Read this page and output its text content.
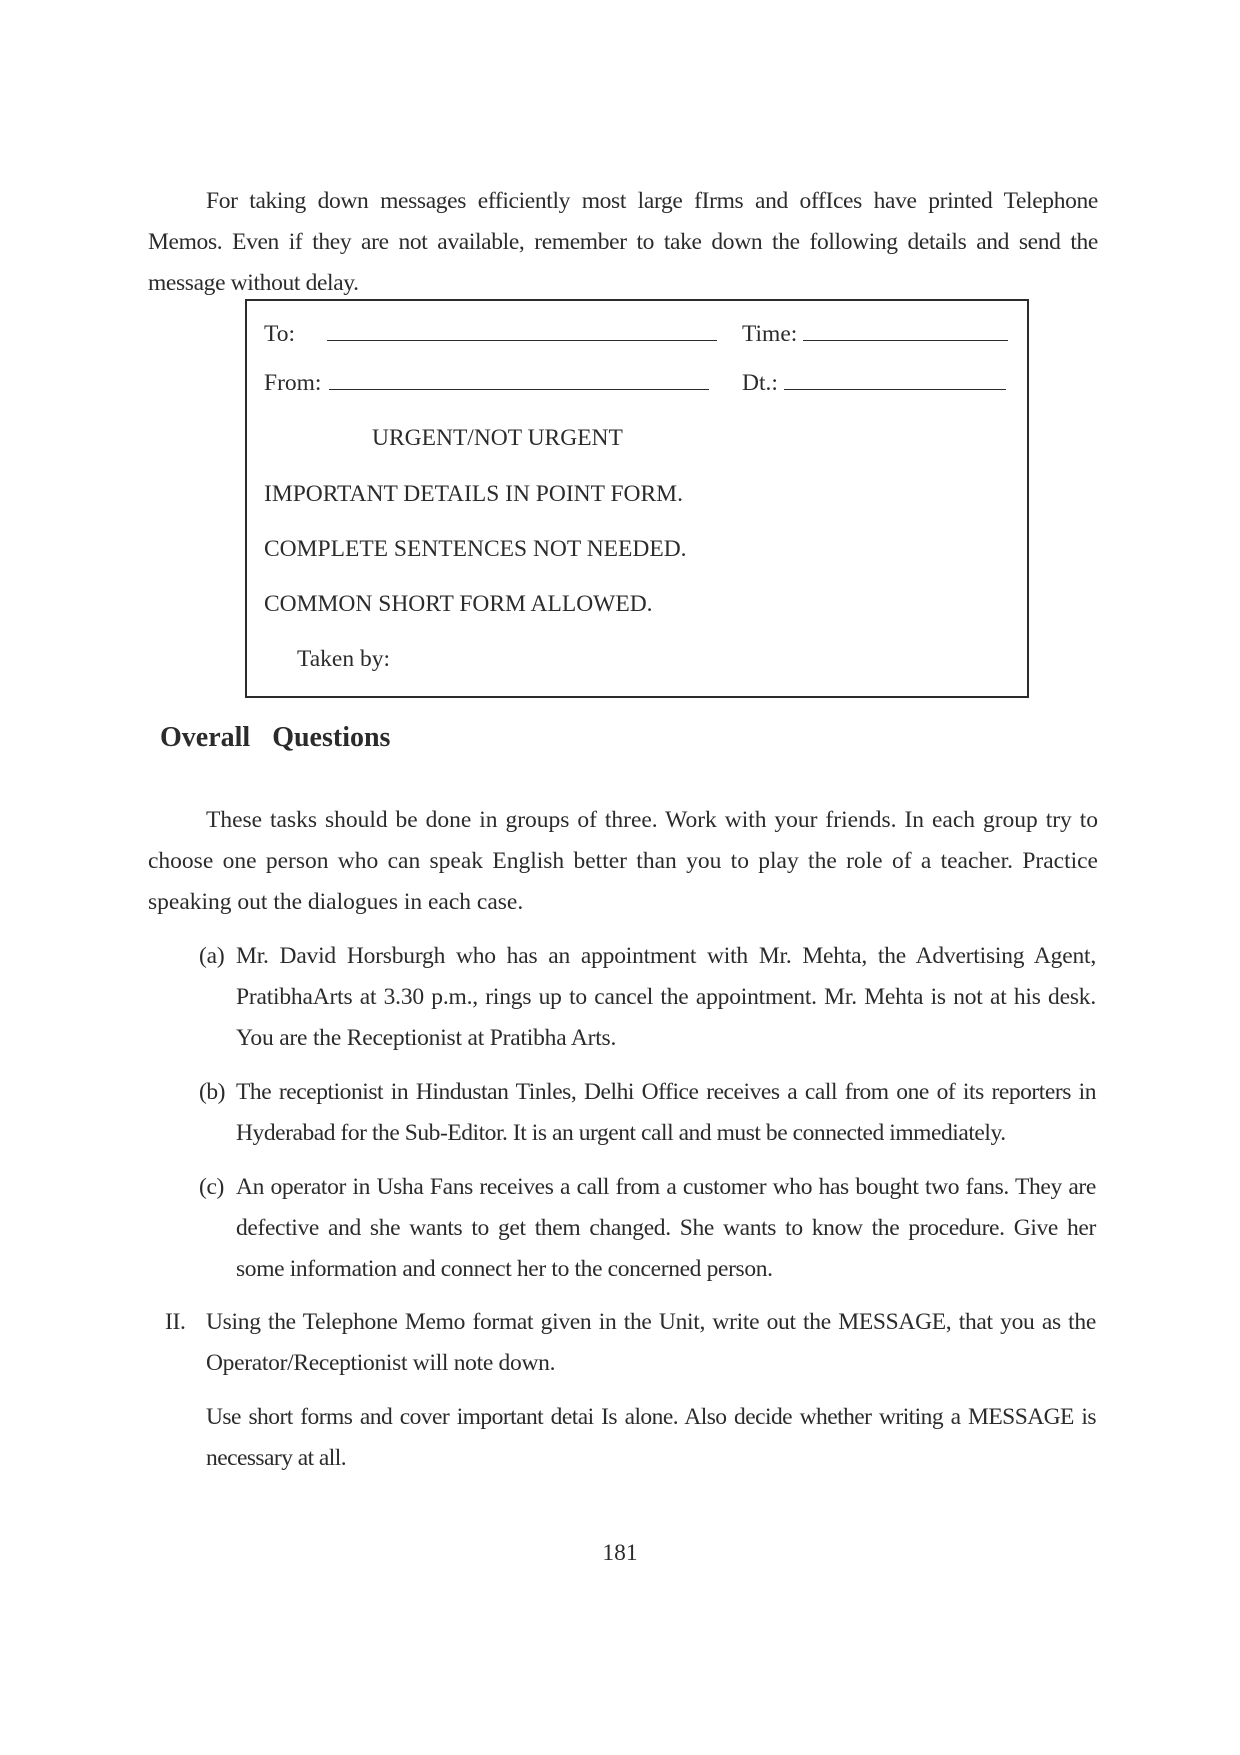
For taking down messages efficiently most large fIrms and offIces have printed Telephone Memos. Even if they are not available, remember to take down the following details and send the message without delay.

To:	Time:
From:	Dt.:
URGENT/NOT URGENT
IMPORTANT DETAILS IN POINT FORM.
COMPLETE SENTENCES NOT NEEDED.
COMMON SHORT FORM ALLOWED.
Taken by:
Overall  Questions

These tasks should be done in groups of three. Work with your friends. In each group try to choose one person who can speak English better than you to play the role of a teacher. Practice speaking out the dialogues in each case.

(a) Mr. David Horsburgh who has an appointment with Mr. Mehta, the Advertising Agent, PratibhaArts at 3.30 p.m., rings up to cancel the appointment. Mr. Mehta is not at his desk. You are the Receptionist at Pratibha Arts.
(b) The receptionist in Hindustan Tinles, Delhi Office receives a call from one of its reporters in Hyderabad for the Sub-Editor. It is an urgent call and must be connected immediately.
(c) An operator in Usha Fans receives a call from a customer who has bought two fans. They are defective and she wants to get them changed. She wants to know the procedure. Give her some information and connect her to the concerned person.
II. Using the Telephone Memo format given in the Unit, write out the MESSAGE, that you as the Operator/Receptionist will note down.
Use short forms and cover important detai Is alone. Also decide whether writing a MESSAGE is necessary at all.
181
